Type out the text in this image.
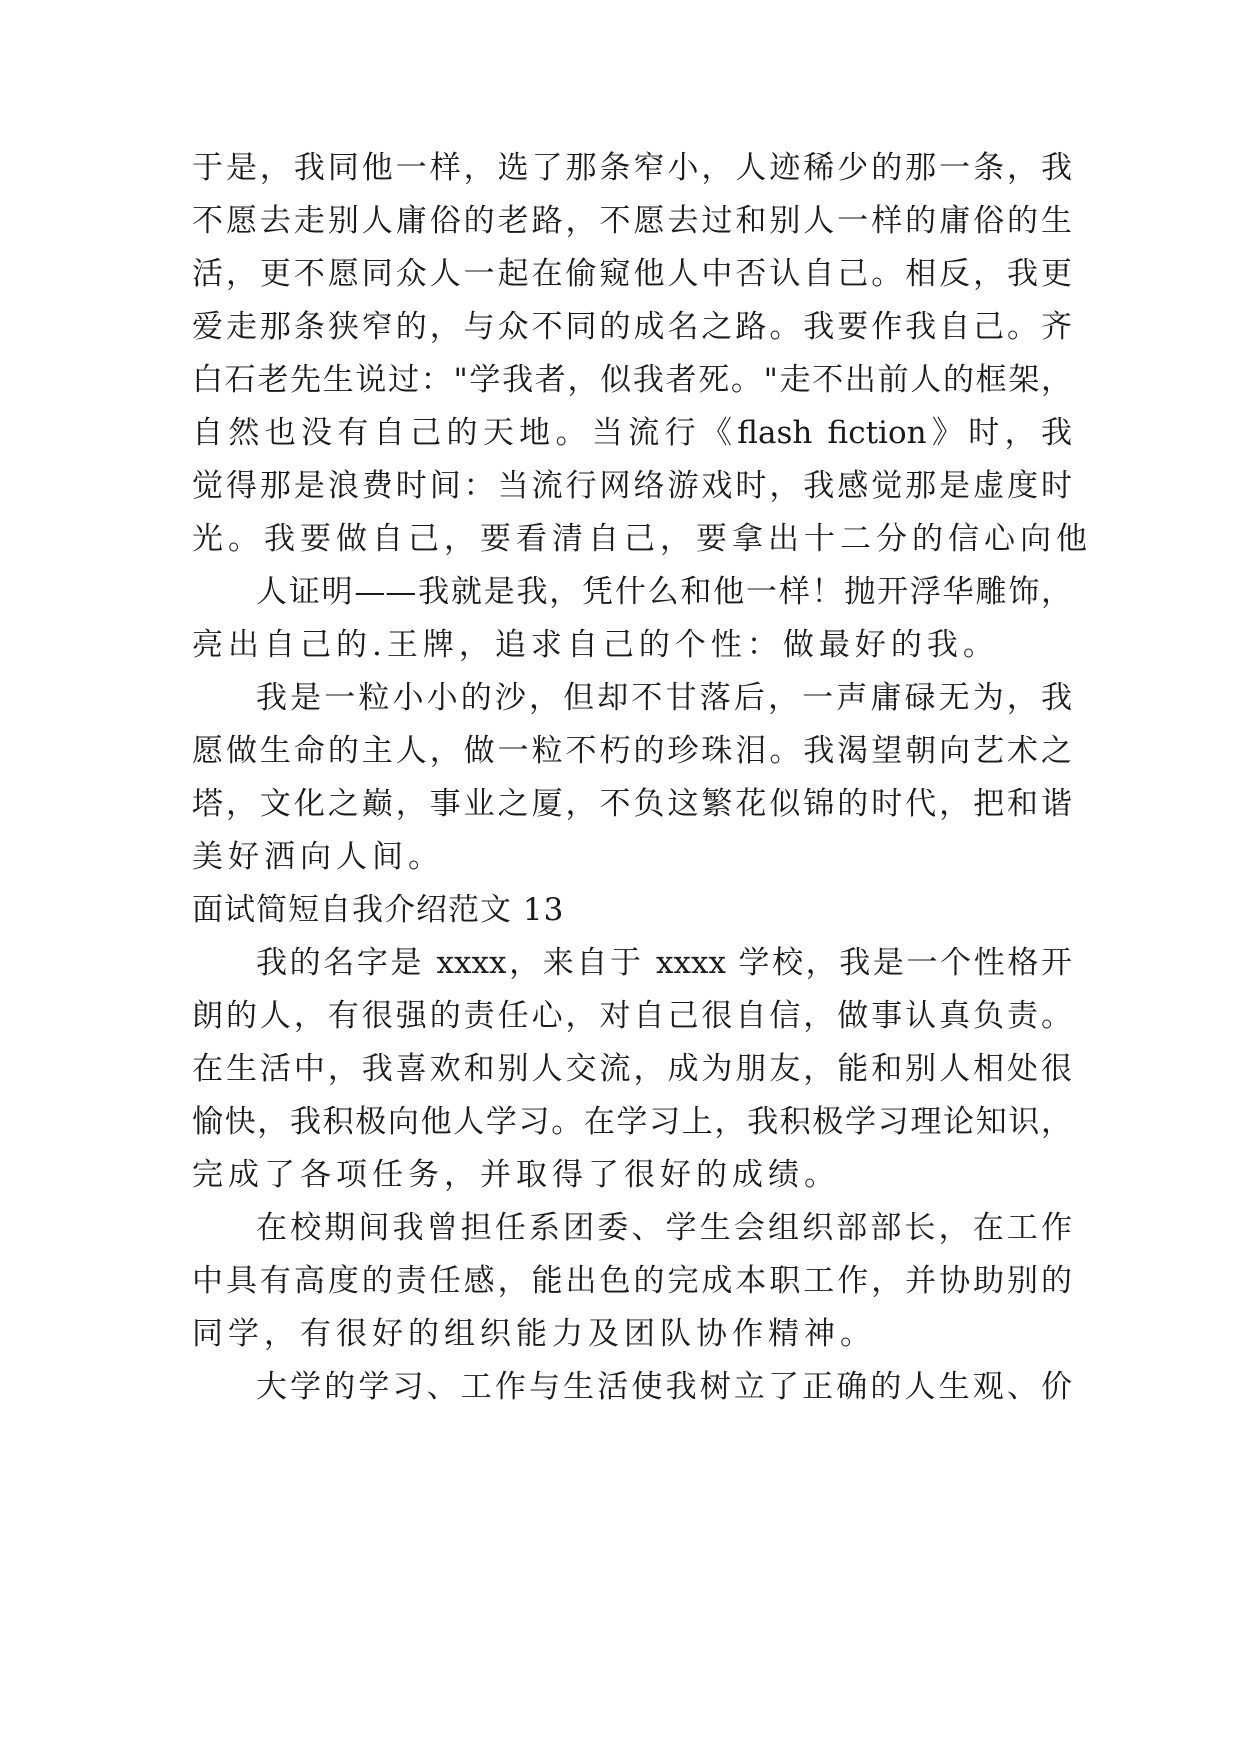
于是，我同他一样，选了那条窄小，人迹稀少的那一条，我
不愿去走别人庸俗的老路，不愿去过和别人一样的庸俗的生
活，更不愿同众人一起在偷窥他人中否认自己。相反，我更
爱走那条狭窄的，与众不同的成名之路。我要作我自己。齐
白石老先生说过："学我者，似我者死。"走不出前人的框架，
自然也没有自己的天地。当流行《flash fiction》时，我
觉得那是浪费时间：当流行网络游戏时，我感觉那是虚度时
光。我要做自己，要看清自己，要拿出十二分的信心向他
人证明——我就是我，凭什么和他一样！抛开浮华雕饰，
亮出自己的.王牌，追求自己的个性：做最好的我。
我是一粒小小的沙，但却不甘落后，一声庸碌无为，我
愿做生命的主人，做一粒不朽的珍珠泪。我渴望朝向艺术之
塔，文化之巅，事业之厦，不负这繁花似锦的时代，把和谐
美好洒向人间。
面试简短自我介绍范文 13
我的名字是 xxxx，来自于 xxxx 学校，我是一个性格开
朗的人，有很强的责任心，对自己很自信，做事认真负责。
在生活中，我喜欢和别人交流，成为朋友，能和别人相处很
愉快，我积极向他人学习。在学习上，我积极学习理论知识，
完成了各项任务，并取得了很好的成绩。
在校期间我曾担任系团委、学生会组织部部长，在工作
中具有高度的责任感，能出色的完成本职工作，并协助别的
同学，有很好的组织能力及团队协作精神。
大学的学习、工作与生活使我树立了正确的人生观、价
